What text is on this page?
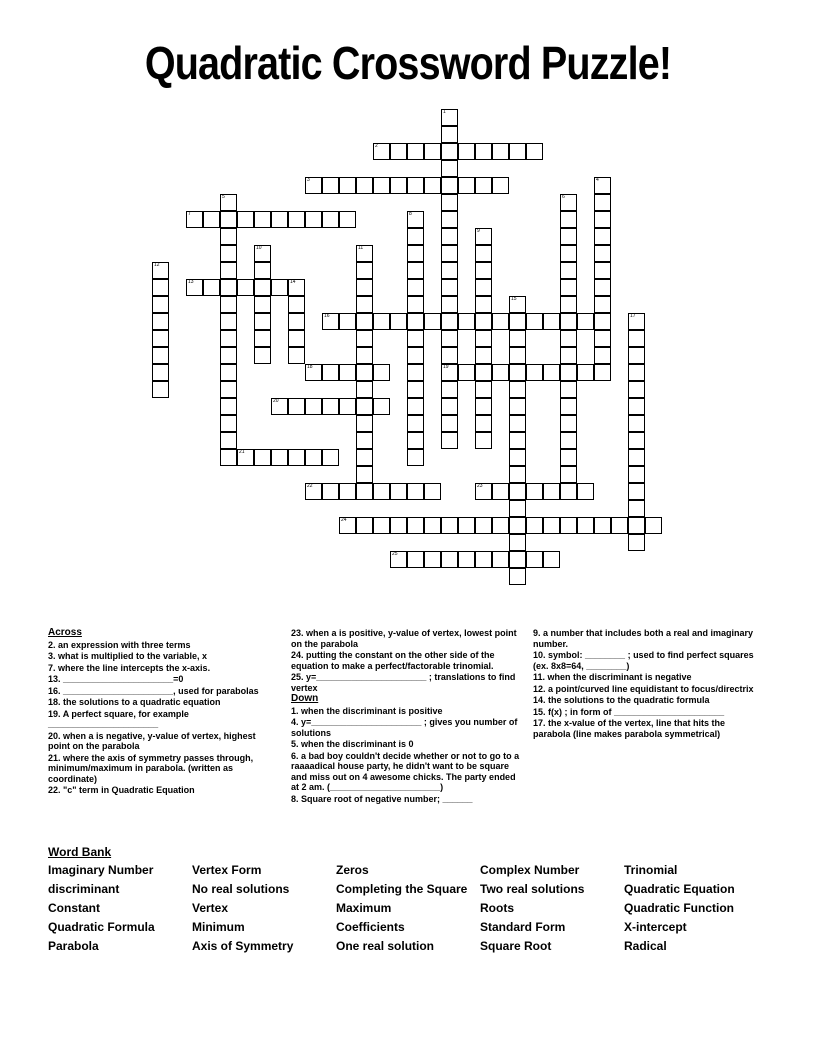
Quadratic Crossword Puzzle!
1
19
2
3	4
5	6
7	8
9
10	11
12
13	14
15
16	17
18
20
21
22	23
24
25

Across

2. an expression with three terms

3. what is multiplied to the variable, x

7. where the line intercepts the x-axis.

13. ______________________=0

16. ______________________, used for parabolas

18. the solutions to a quadratic equation

19. A perfect square, for example ______________________

20. when a is negative, y-value of vertex, highest point on the parabola

21. where the axis of symmetry passes through, minimum/maximum in parabola. (written as coordinate)

22. "c" term in Quadratic Equation

23. when a is positive, y-value of vertex, lowest point on the parabola

24. putting the constant on the other side of the equation to make a perfect/factorable trinomial.

25. y=______________________ ; translations to find vertex

Down

1. when the discriminant is positive

4. y=______________________ ; gives you number of solutions

5. when the discriminant is 0

6. a bad boy couldn't decide whether or not to go to a raaaadical house party, he didn't want to be square and miss out on 4 awesome chicks. The party ended at 2 am. (______________________)

8. Square root of negative number; ______

9. a number that includes both a real and imaginary number.

10. symbol: ________ ; used to find perfect squares (ex. 8x8=64, ________)

11. when the discriminant is negative

12. a point/curved line equidistant to focus/directrix

14. the solutions to the quadratic formula

15. f(x) ; in form of ______________________

17. the x-value of the vertex, line that hits the parabola (line makes parabola symmetrical)

Word Bank
Imaginary Number	Vertex Form	Zeros	Complex Number	Trinomial
discriminant	No real solutions	Completing the Square	Two real solutions	Quadratic Equation
Constant	Vertex	Maximum	Roots	Quadratic Function
Quadratic Formula	Minimum	Coefficients	Standard Form	X-intercept
Parabola	Axis of Symmetry	One real solution	Square Root	Radical
